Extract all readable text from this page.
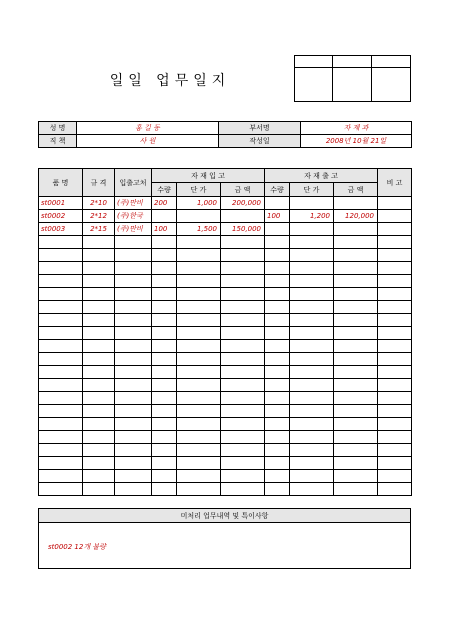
일일 업무일지

성 명	홍 길 동	부서명	자 재 과
직 책	사 원	작성일	2008년 10월 21일
품 명	규 격	입출고처	자 재 입 고			자 재 출 고			비 고
			수량	단 가	금 액	수량	단 가	금 액	
st0001	2*10	(주)만비	200	1,000	200,000				
st0002	2*12	(주)한국				100	1,200	120,000	
st0003	2*15	(주)만비	100	1,500	150,000				

미처리 업무내역 및 특이사항
st0002 12개 불량
